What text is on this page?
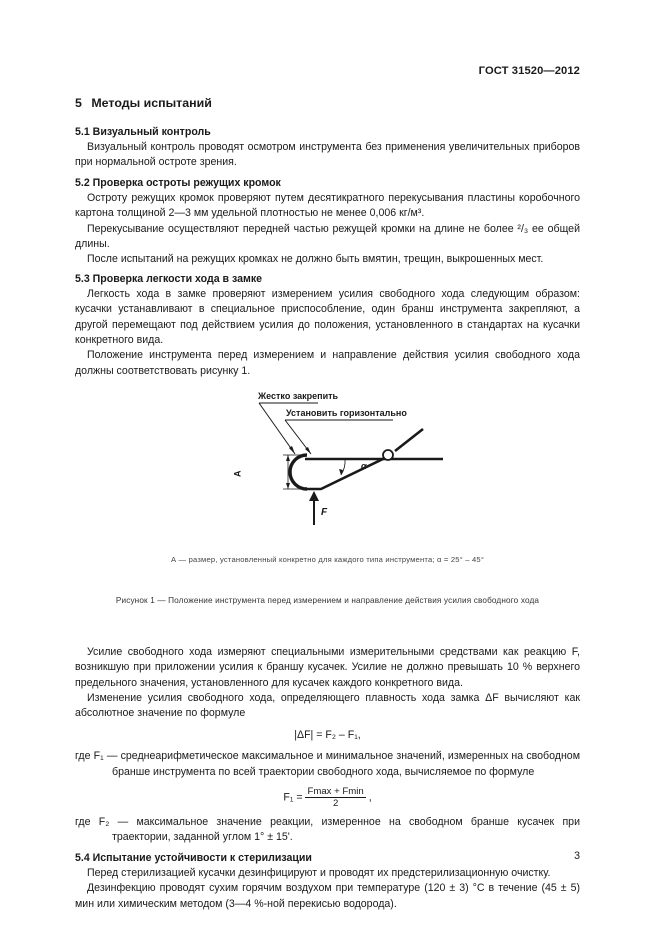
ГОСТ 31520—2012
5 Методы испытаний
5.1 Визуальный контроль

Визуальный контроль проводят осмотром инструмента без применения увеличительных приборов при нормальной остроте зрения.

5.2 Проверка остроты режущих кромок

Остроту режущих кромок проверяют путем десятикратного перекусывания пластины коробочного картона толщиной 2—3 мм удельной плотностью не менее 0,006 кг/м³.

Перекусывание осуществляют передней частью режущей кромки на длине не более ²/₃ ее общей длины.

После испытаний на режущих кромках не должно быть вмятин, трещин, выкрошенных мест.

5.3 Проверка легкости хода в замке

Легкость хода в замке проверяют измерением усилия свободного хода следующим образом: кусачки устанавливают в специальное приспособление, один бранш инструмента закрепляют, а другой перемещают под действием усилия до положения, установленного в стандартах на кусачки конкретного вида.

Положение инструмента перед измерением и направление действия усилия свободного хода должны соответствовать рисунку 1.

Жестко закрепить
Установить горизонтально
А
α
F
А — размер, установленный конкретно для каждого типа инструмента; α = 25° – 45°
Рисунок 1 — Положение инструмента перед измерением и направление действия усилия свободного хода

Усилие свободного хода измеряют специальными измерительными средствами как реакцию F, возникшую при приложении усилия к браншу кусачек. Усилие не должно превышать 10 % верхнего предельного значения, установленного для кусачек каждого конкретного вида.

Изменение усилия свободного хода, определяющего плавность хода замка ΔF вычисляют как абсолютное значение по формуле

|ΔF| = F₂ – F₁,

где F₁ — среднеарифметическое максимальное и минимальное значений, измеренных на свободном бранше инструмента по всей траектории свободного хода, вычисляемое по формуле

$F_1 = \frac{Fmax + Fmin}{2}$ ,

где F₂ — максимальное значение реакции, измеренное на свободном бранше кусачек при траектории, заданной углом 1° ± 15'.

5.4 Испытание устойчивости к стерилизации

Перед стерилизацией кусачки дезинфицируют и проводят их предстерилизационную очистку.

Дезинфекцию проводят сухим горячим воздухом при температуре (120 ± 3) °С в течение (45 ± 5) мин или химическим методом (3—4 %-ной перекисью водорода).

3
